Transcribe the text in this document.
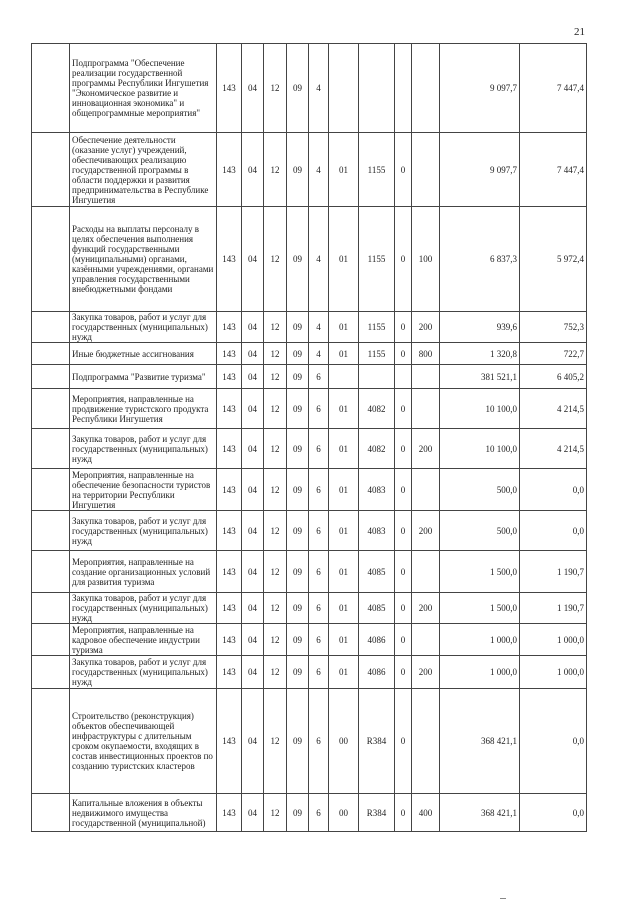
21
	Подпрограмма "Обеспечение реализации государственной программы Республики Ингушетия "Экономическое развитие и инновационная экономика" и общепрограммные мероприятия"	143	04	12	09	4					9 097,7	7 447,4
	Обеспечение деятельности (оказание услуг) учреждений, обеспечивающих реализацию государственной программы в области поддержки и развития предпринимательства в Республике Ингушетия	143	04	12	09	4	01	1155	0		9 097,7	7 447,4
	Расходы на выплаты персоналу в целях обеспечения выполнения функций государственными (муниципальными) органами, казёнными учреждениями, органами управления государственными внебюджетными фондами	143	04	12	09	4	01	1155	0	100	6 837,3	5 972,4
	Закупка товаров, работ и услуг для государственных (муниципальных) нужд	143	04	12	09	4	01	1155	0	200	939,6	752,3
	Иные бюджетные ассигнования	143	04	12	09	4	01	1155	0	800	1 320,8	722,7
	Подпрограмма "Развитие туризма"	143	04	12	09	6					381 521,1	6 405,2
	Мероприятия, направленные на продвижение туристского продукта Республики Ингушетия	143	04	12	09	6	01	4082	0		10 100,0	4 214,5
	Закупка товаров, работ и услуг для государственных (муниципальных) нужд	143	04	12	09	6	01	4082	0	200	10 100,0	4 214,5
	Мероприятия, направленные на обеспечение безопасности туристов на территории Республики Ингушетия	143	04	12	09	6	01	4083	0		500,0	0,0
	Закупка товаров, работ и услуг для государственных (муниципальных) нужд	143	04	12	09	6	01	4083	0	200	500,0	0,0
	Мероприятия, направленные на создание организационных условий для развития туризма	143	04	12	09	6	01	4085	0		1 500,0	1 190,7
	Закупка товаров, работ и услуг для государственных (муниципальных) нужд	143	04	12	09	6	01	4085	0	200	1 500,0	1 190,7
	Мероприятия, направленные на кадровое обеспечение индустрии туризма	143	04	12	09	6	01	4086	0		1 000,0	1 000,0
	Закупка товаров, работ и услуг для государственных (муниципальных) нужд	143	04	12	09	6	01	4086	0	200	1 000,0	1 000,0
	Строительство (реконструкция) объектов обеспечивающей инфраструктуры с длительным сроком окупаемости, входящих в состав инвестиционных проектов по созданию туристских кластеров	143	04	12	09	6	00	R384	0		368 421,1	0,0
	Капитальные вложения в объекты недвижимого имущества государственной (муниципальной)	143	04	12	09	6	00	R384	0	400	368 421,1	0,0
